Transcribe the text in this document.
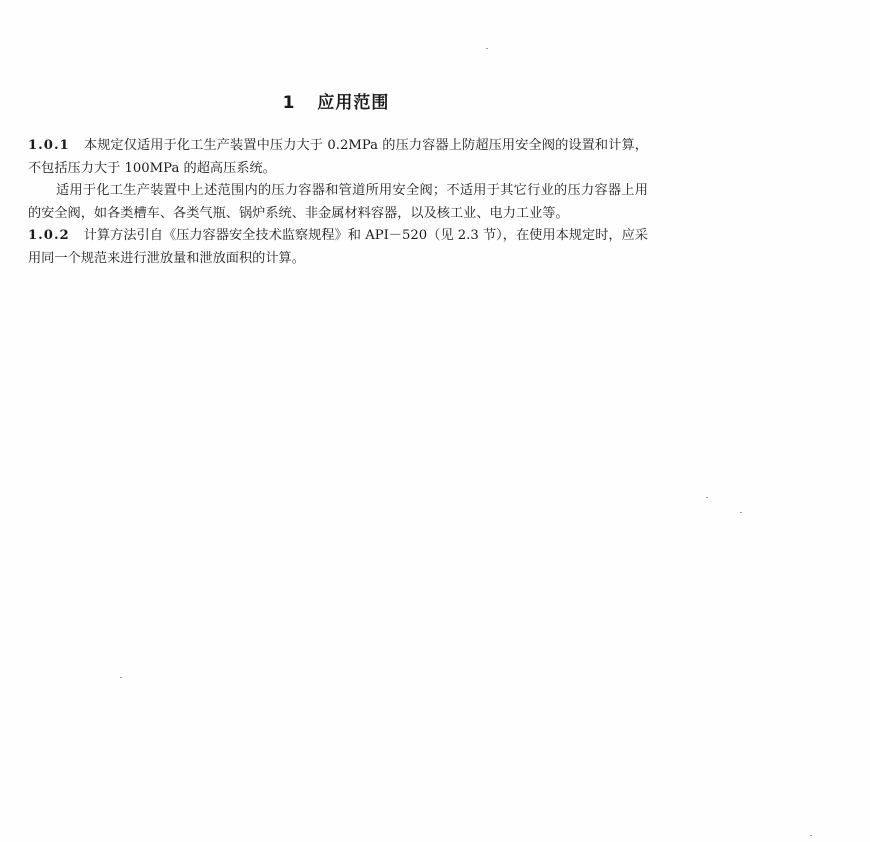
1 应用范围

1.0.1 本规定仅适用于化工生产装置中压力大于 0.2MPa 的压力容器上防超压用安全阀的设置和计算，不包括压力大于 100MPa 的超高压系统。

适用于化工生产装置中上述范围内的压力容器和管道所用安全阀；不适用于其它行业的压力容器上用的安全阀，如各类槽车、各类气瓶、锅炉系统、非金属材料容器，以及核工业、电力工业等。

1.0.2 计算方法引自《压力容器安全技术监察规程》和 API－520（见 2.3 节），在使用本规定时，应采用同一个规范来进行泄放量和泄放面积的计算。
